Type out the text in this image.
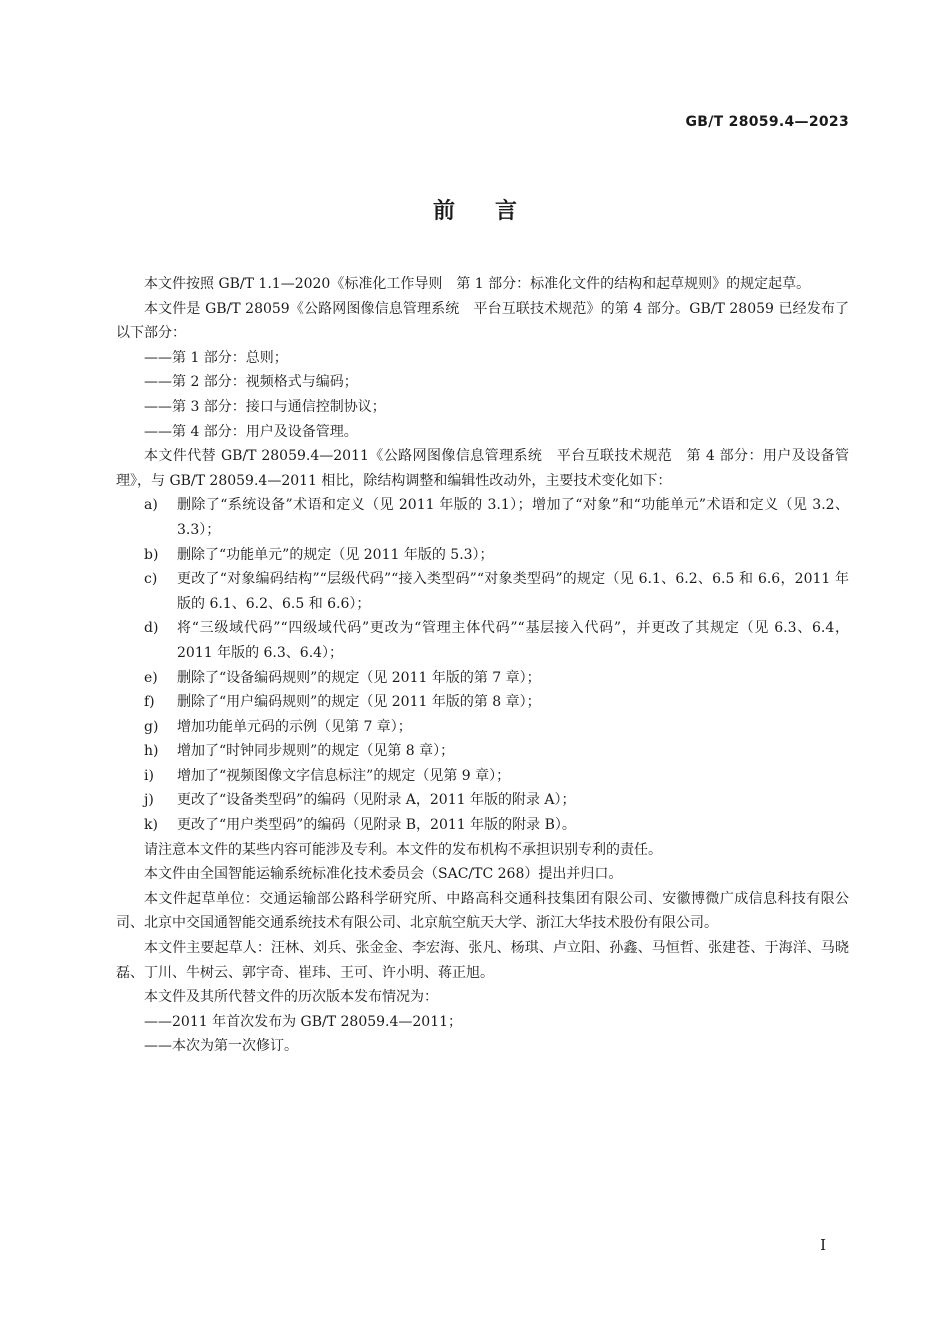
GB/T 28059.4—2023
前言

本文件按照 GB/T 1.1—2020《标准化工作导则　第 1 部分：标准化文件的结构和起草规则》的规定起草。

本文件是 GB/T 28059《公路网图像信息管理系统　平台互联技术规范》的第 4 部分。GB/T 28059 已经发布了以下部分：

——第 1 部分：总则；

——第 2 部分：视频格式与编码；

——第 3 部分：接口与通信控制协议；

——第 4 部分：用户及设备管理。

本文件代替 GB/T 28059.4—2011《公路网图像信息管理系统　平台互联技术规范　第 4 部分：用户及设备管理》，与 GB/T 28059.4—2011 相比，除结构调整和编辑性改动外，主要技术变化如下：

a)	删除了“系统设备”术语和定义（见 2011 年版的 3.1）；增加了“对象”和“功能单元”术语和定义（见 3.2、3.3）；
b)	删除了“功能单元”的规定（见 2011 年版的 5.3）；
c)	更改了“对象编码结构”“层级代码”“接入类型码”“对象类型码”的规定（见 6.1、6.2、6.5 和 6.6，2011 年版的 6.1、6.2、6.5 和 6.6）；
d)	将“三级域代码”“四级域代码”更改为“管理主体代码”“基层接入代码”，并更改了其规定（见 6.3、6.4，2011 年版的 6.3、6.4）；
e)	删除了“设备编码规则”的规定（见 2011 年版的第 7 章）；
f)	删除了“用户编码规则”的规定（见 2011 年版的第 8 章）；
g)	增加功能单元码的示例（见第 7 章）；
h)	增加了“时钟同步规则”的规定（见第 8 章）；
i)	增加了“视频图像文字信息标注”的规定（见第 9 章）；
j)	更改了“设备类型码”的编码（见附录 A，2011 年版的附录 A）；
k)	更改了“用户类型码”的编码（见附录 B，2011 年版的附录 B）。

请注意本文件的某些内容可能涉及专利。本文件的发布机构不承担识别专利的责任。

本文件由全国智能运输系统标准化技术委员会（SAC/TC 268）提出并归口。

本文件起草单位：交通运输部公路科学研究所、中路高科交通科技集团有限公司、安徽博微广成信息科技有限公司、北京中交国通智能交通系统技术有限公司、北京航空航天大学、浙江大华技术股份有限公司。

本文件主要起草人：汪林、刘兵、张金金、李宏海、张凡、杨琪、卢立阳、孙鑫、马恒哲、张建苍、于海洋、马晓磊、丁川、牛树云、郭宇奇、崔玮、王可、许小明、蒋正旭。

本文件及其所代替文件的历次版本发布情况为：

——2011 年首次发布为 GB/T 28059.4—2011；

——本次为第一次修订。

I
